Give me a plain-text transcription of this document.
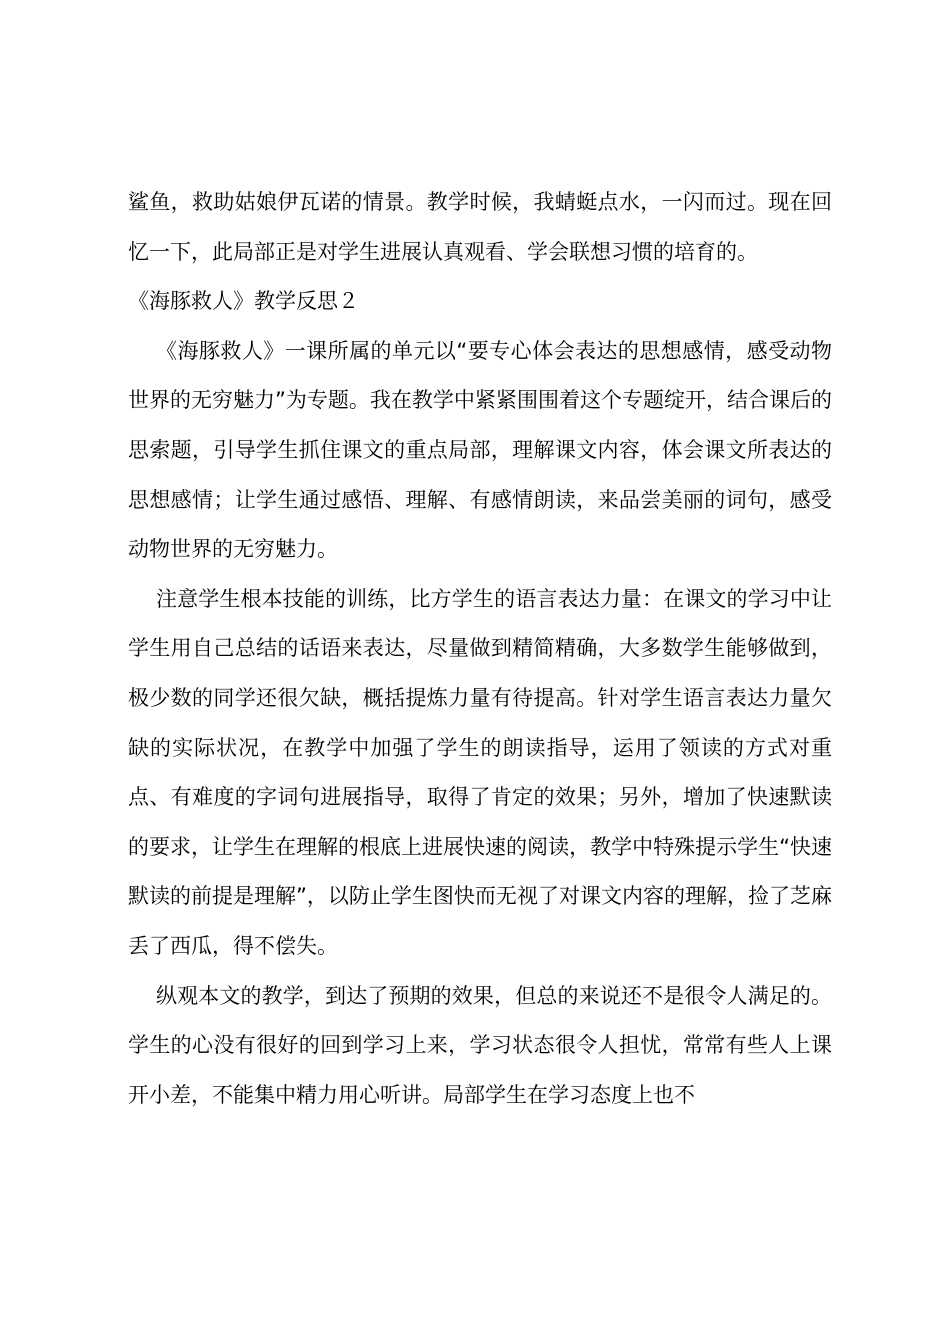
鲨鱼，救助姑娘伊瓦诺的情景。教学时候，我蜻蜓点水，一闪而过。现在回忆一下，此局部正是对学生进展认真观看、学会联想习惯的培育的。

《海豚救人》教学反思２

《海豚救人》一课所属的单元以“要专心体会表达的思想感情，感受动物世界的无穷魅力”为专题。我在教学中紧紧围围着这个专题绽开，结合课后的思索题，引导学生抓住课文的重点局部，理解课文内容，体会课文所表达的思想感情；让学生通过感悟、理解、有感情朗读，来品尝美丽的词句，感受动物世界的无穷魅力。

注意学生根本技能的训练，比方学生的语言表达力量：在课文的学习中让学生用自己总结的话语来表达，尽量做到精简精确，大多数学生能够做到，极少数的同学还很欠缺，概括提炼力量有待提高。针对学生语言表达力量欠缺的实际状况，在教学中加强了学生的朗读指导，运用了领读的方式对重点、有难度的字词句进展指导，取得了肯定的效果；另外，增加了快速默读的要求，让学生在理解的根底上进展快速的阅读，教学中特殊提示学生“快速默读的前提是理解”，以防止学生图快而无视了对课文内容的理解，捡了芝麻丢了西瓜，得不偿失。

纵观本文的教学，到达了预期的效果，但总的来说还不是很令人满足的。学生的心没有很好的回到学习上来，学习状态很令人担忧，常常有些人上课开小差，不能集中精力用心听讲。局部学生在学习态度上也不
